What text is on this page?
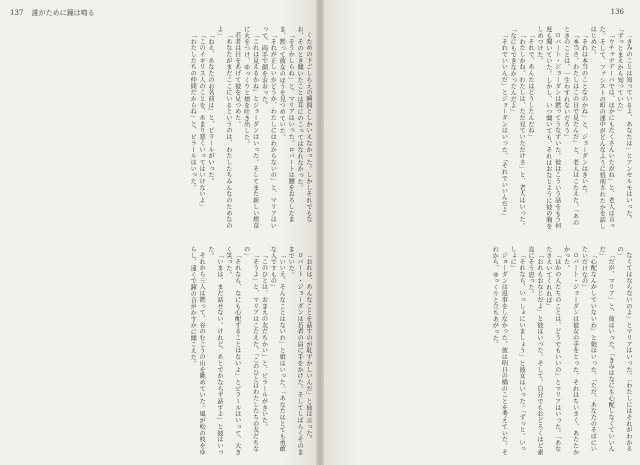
137 誰がために鐘は鳴る

くための下ごしらえの瞬間としかいえなかった。しかしそれでもなお、そのとき聞いたことは耳にのこってはなれなかった。

「そうかしらね」と、マリアはいった。ロバートは腰をおろしたまま、黙って彼女のほうを見つめていた。

「それが正しいかどうか、わたしにはわからないの」と、マリアはいって、両手で顔をおおった。

「これは見えるかね」とジョーダンはいった。そしてまた新しい煙草に火をつけ、ゆっくりと煙を吐き出した。

若者は目をあげて彼を見つめた。

「あなたがまだここにいるというのは、わたしたちみんなのためなのよ」

「ねえ、あなたのお名前は」と、ピラールがいった。

「このイギリス人のことを、あまり悪くいってはいけないよ」

「わたしたちの仲間だからね」と、ピラールはいった。

「おれは、あんなことを話すのが恥ずかしいんだ」と彼は言った。

ロバート・ジョーダンは若者の肩に手をかけた。そしてしばらくそのままでいた。

「いいえ、そんなことはないわ」と娘はいった。「あなたはとても勇敢な人ですもの」

「このひとは、おまえの友だちかい」と、ピラールがきいた。

「そうよ」と、マリアはこたえた。「このひとはわたしたちの友だちなの」

「それなら、なにも心配することはないよ」とピラールはいって、大きく笑った。

「いまは、まだ話せない。けれど、あとでかならず話すよ」と彼はいった。

それから三人は黙って、谷のむこうの山を眺めていた。風が松の枝をゆらし、遠くで鐘の音がかすかに聞こえた。

136

「きみのことは知っているよ、あなたは」とアンセルモはいった。「ずっとまえから知っていた」

「ウチャナデーバでは、ほかにもたくさんいたがね」と、老人は言った。そして、ファシストの町の連中がどんなふうに処刑されたかを話しはじめた。

「それは本当のことなのかね」と、ジョーダンはきいた。

「本当さ。わたしはこの目で見たんだ」と、老人はこたえた。「あのときのことは、一生わすれないだろう」

ロバート・ジョーダンは黙ってうなずいた。彼はこういう話をもう何度も聞いていた。しかし、いつ聞いても、それはおなじように彼の胸をしめつけた。

「それで、あんたはどうしたんだね」

「わたしかね。わたしは、ただ見ていただけさ」と、老人はいった。「なにもできなかったんだよ」

「それでいいんだ」とジョーダンはいった。「それでいいんだよ」

なくてはならないのよ」とマリアはいった。「わたしにはそれがわかるの」

「だが、マリア」と、彼はいった。「きみはなにも心配しなくていいんだ」

「心配なんかしていないわ」と娘はいった。「ただ、あなたのそばにいたいだけなの」

ロバート・ジョーダンは彼女の手をとった。それはちいさく、あたたかかった。

「ほかの人たちのことは、どうでもいいの」とマリアはいった。「あなたさえいてくれれば」

「おれもおなじだよ」と彼はいった。そして、自分でもおどろくほど素直にそう思った。

「それなら、いっしょにいましょう」と彼女はいった。「ずっと、いっしょに」

ジョーダンは返事をしなかった。彼は明日の橋のことを考えていた。それから、ゆっくりと立ちあがった。
